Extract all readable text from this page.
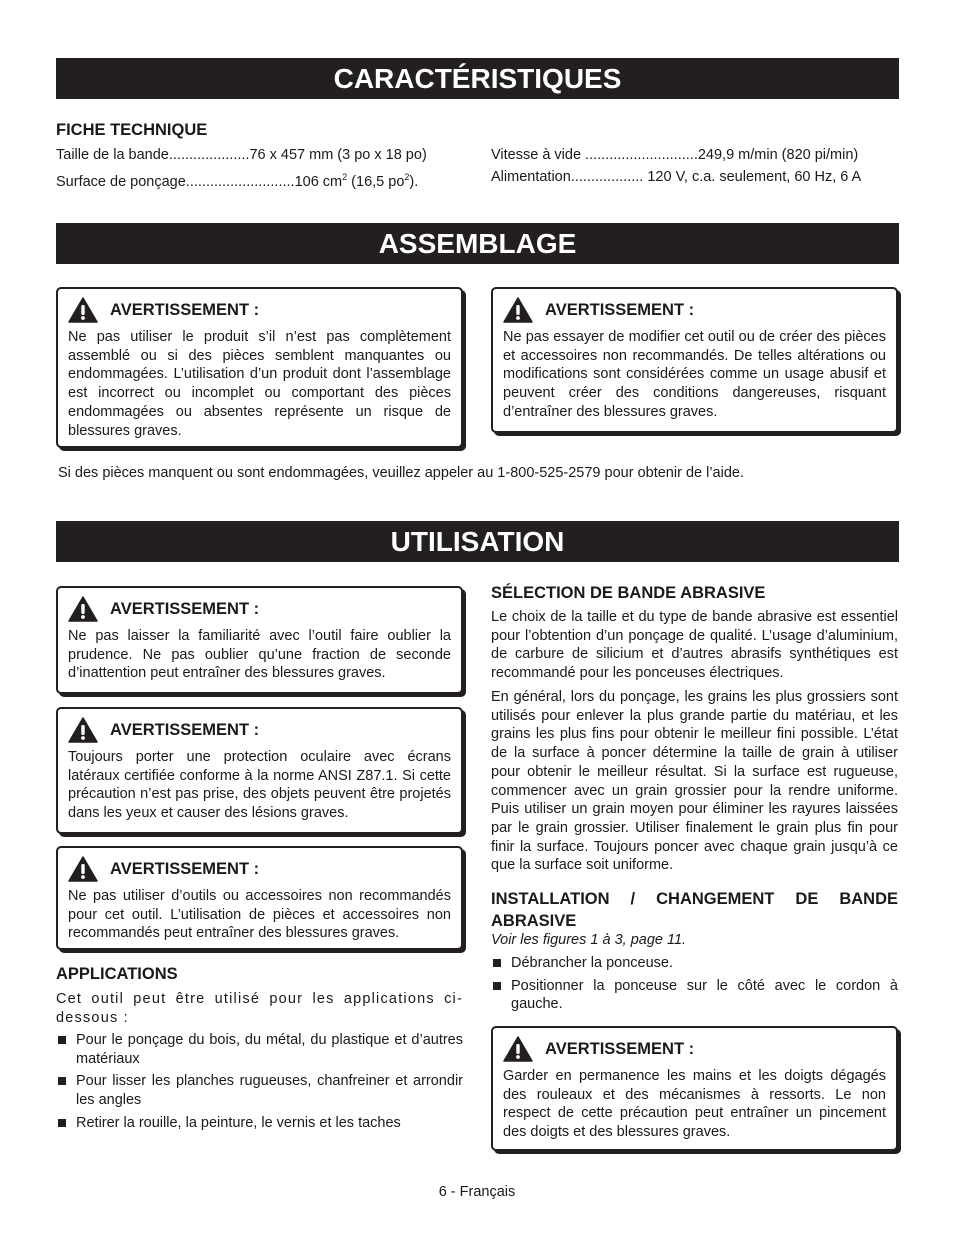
CARACTÉRISTIQUES
FICHE TECHNIQUE
Taille de la bande....................76 x 457 mm (3 po x 18 po)
Surface de ponçage...........................106 $cm^2$ (16,5 $po^2$).
Vitesse à vide ............................249,9 m/min (820 pi/min)
Alimentation.................. 120 V, c.a. seulement, 60 Hz, 6 A
ASSEMBLAGE
AVERTISSEMENT :
Ne pas utiliser le produit s’il n’est pas complètement assemblé ou si des pièces semblent manquantes ou endommagées. L’utilisation d’un produit dont l’assemblage est incorrect ou incomplet ou comportant des pièces endommagées ou absentes représente un risque de blessures graves.
AVERTISSEMENT :
Ne pas essayer de modifier cet outil ou de créer des pièces et accessoires non recommandés. De telles altérations ou modifications sont considérées comme un usage abusif et peuvent créer des conditions dangereuses, risquant d’entraîner des blessures graves.
Si des pièces manquent ou sont endommagées, veuillez appeler au 1-800-525-2579 pour obtenir de l’aide.
UTILISATION
AVERTISSEMENT :
Ne pas laisser la familiarité avec l’outil faire oublier la prudence. Ne pas oublier qu’une fraction de seconde d’inattention peut entraîner des blessures graves.
AVERTISSEMENT :
Toujours porter une protection oculaire avec écrans latéraux certifiée conforme à la norme ANSI Z87.1. Si cette précaution n’est pas prise, des objets peuvent être projetés dans les yeux et causer des lésions graves.
AVERTISSEMENT :
Ne pas utiliser d’outils ou accessoires non recommandés pour cet outil. L’utilisation de pièces et accessoires non recommandés peut entraîner des blessures graves.
APPLICATIONS
Cet outil peut être utilisé pour les applications ci-dessous :
Pour le ponçage du bois, du métal, du plastique et d’autres matériaux
Pour lisser les planches rugueuses, chanfreiner et arrondir les angles
Retirer la rouille, la peinture, le vernis et les taches
SÉLECTION DE BANDE ABRASIVE
Le choix de la taille et du type de bande abrasive est essentiel pour l’obtention d’un ponçage de qualité. L’usage d’aluminium, de carbure de silicium et d’autres abrasifs synthétiques est recommandé pour les ponceuses électriques.
En général, lors du ponçage, les grains les plus grossiers sont utilisés pour enlever la plus grande partie du matériau, et les grains les plus fins pour obtenir le meilleur fini possible. L’état de la surface à poncer détermine la taille de grain à utiliser pour obtenir le meilleur résultat. Si la surface est rugueuse, commencer avec un grain grossier pour la rendre uniforme. Puis utiliser un grain moyen pour éliminer les rayures laissées par le grain grossier. Utiliser finalement le grain plus fin pour finir la surface. Toujours poncer avec chaque grain jusqu’à ce que la surface soit uniforme.
INSTALLATION / CHANGEMENT DE BANDE ABRASIVE
Voir les figures 1 à 3, page 11.
Débrancher la ponceuse.
Positionner la ponceuse sur le côté avec le cordon à gauche.
AVERTISSEMENT :
Garder en permanence les mains et les doigts dégagés des rouleaux et des mécanismes à ressorts. Le non respect de cette précaution peut entraîner un pincement des doigts et des blessures graves.
6 - Français
